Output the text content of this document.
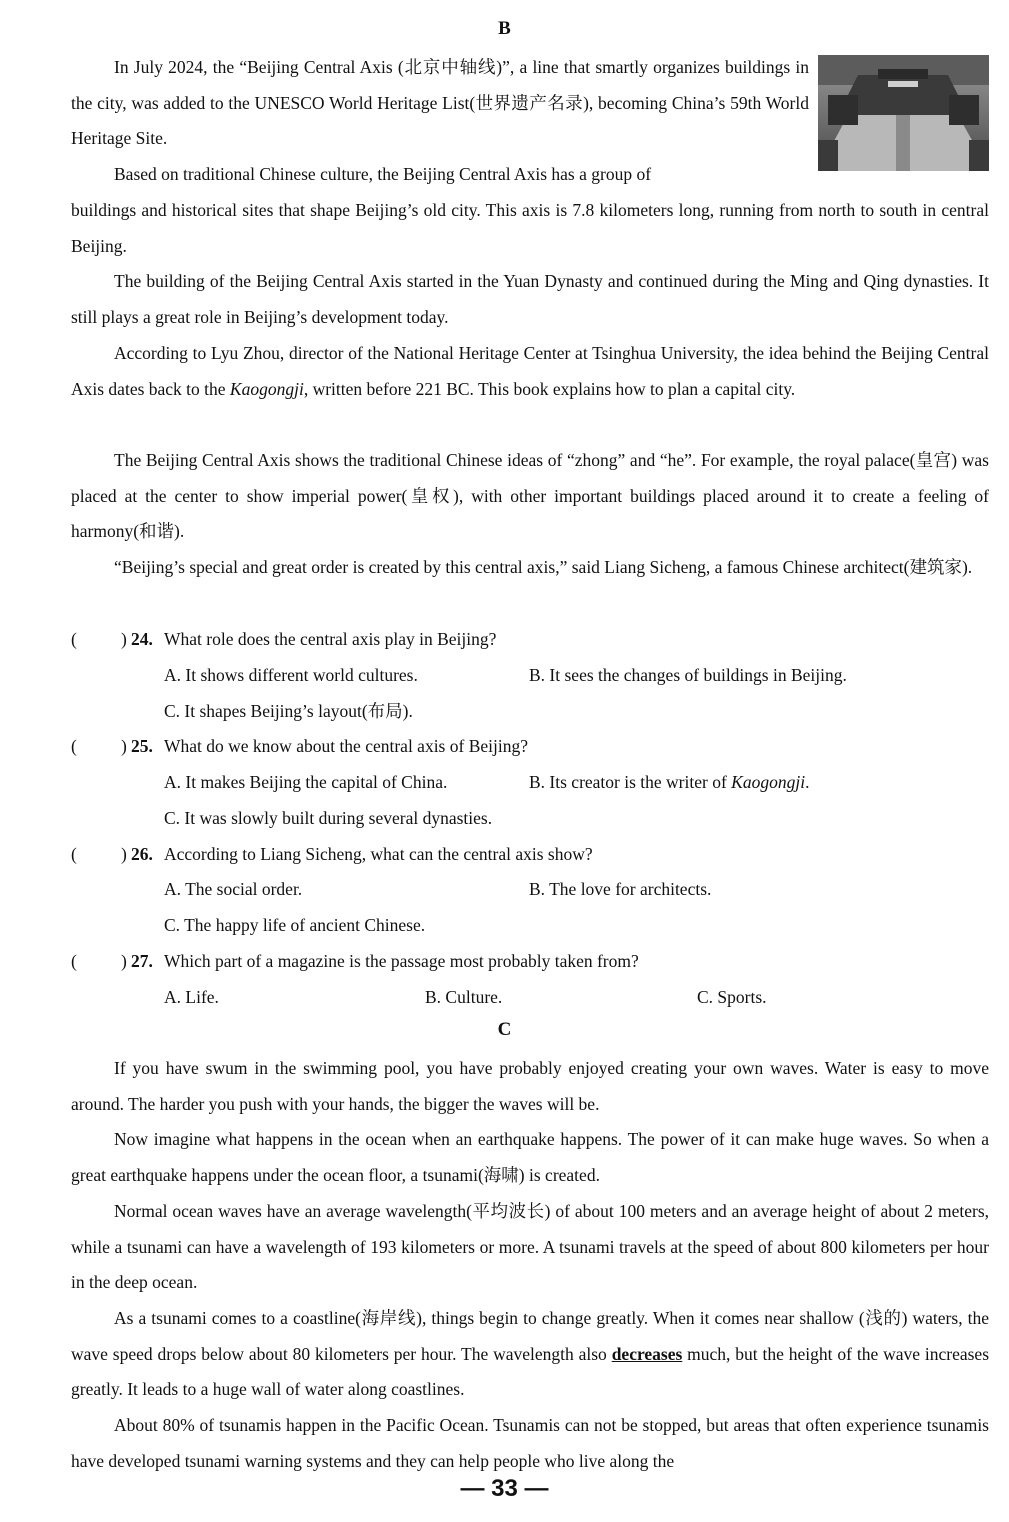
B

In July 2024, the “Beijing Central Axis (北京中轴线)”, a line that smartly organizes buildings in the city, was added to the UNESCO World Heritage List(世界遗产名录), becoming China’s 59th World Heritage Site.

Based on traditional Chinese culture, the Beijing Central Axis has a group of

buildings and historical sites that shape Beijing’s old city. This axis is 7.8 kilometers long, running from north to south in central Beijing.

The building of the Beijing Central Axis started in the Yuan Dynasty and continued during the Ming and Qing dynasties. It still plays a great role in Beijing’s development today.

According to Lyu Zhou, director of the National Heritage Center at Tsinghua University, the idea behind the Beijing Central Axis dates back to the Kaogongji, written before 221 BC. This book explains how to plan a capital city.

The Beijing Central Axis shows the traditional Chinese ideas of “zhong” and “he”. For example, the royal palace(皇宫) was placed at the center to show imperial power(皇权), with other important buildings placed around it to create a feeling of harmony(和谐).

“Beijing’s special and great order is created by this central axis,” said Liang Sicheng, a famous Chinese architect(建筑家).

(	) 24. What role does the central axis play in Beijing?
A. It shows different world cultures.	B. It sees the changes of buildings in Beijing.
C. It shapes Beijing’s layout(布局).
(	) 25. What do we know about the central axis of Beijing?
A. It makes Beijing the capital of China.	B. Its creator is the writer of Kaogongji.
C. It was slowly built during several dynasties.
(	) 26. According to Liang Sicheng, what can the central axis show?
A. The social order.	B. The love for architects.
C. The happy life of ancient Chinese.
(	) 27. Which part of a magazine is the passage most probably taken from?
A. Life.	B. Culture.	C. Sports.
C

If you have swum in the swimming pool, you have probably enjoyed creating your own waves. Water is easy to move around. The harder you push with your hands, the bigger the waves will be.

Now imagine what happens in the ocean when an earthquake happens. The power of it can make huge waves. So when a great earthquake happens under the ocean floor, a tsunami(海啸) is created.

Normal ocean waves have an average wavelength(平均波长) of about 100 meters and an average height of about 2 meters, while a tsunami can have a wavelength of 193 kilometers or more. A tsunami travels at the speed of about 800 kilometers per hour in the deep ocean.

As a tsunami comes to a coastline(海岸线), things begin to change greatly. When it comes near shallow (浅的) waters, the wave speed drops below about 80 kilometers per hour. The wavelength also decreases much, but the height of the wave increases greatly. It leads to a huge wall of water along coastlines.

About 80% of tsunamis happen in the Pacific Ocean. Tsunamis can not be stopped, but areas that often experience tsunamis have developed tsunami warning systems and they can help people who live along the

— 33 —
